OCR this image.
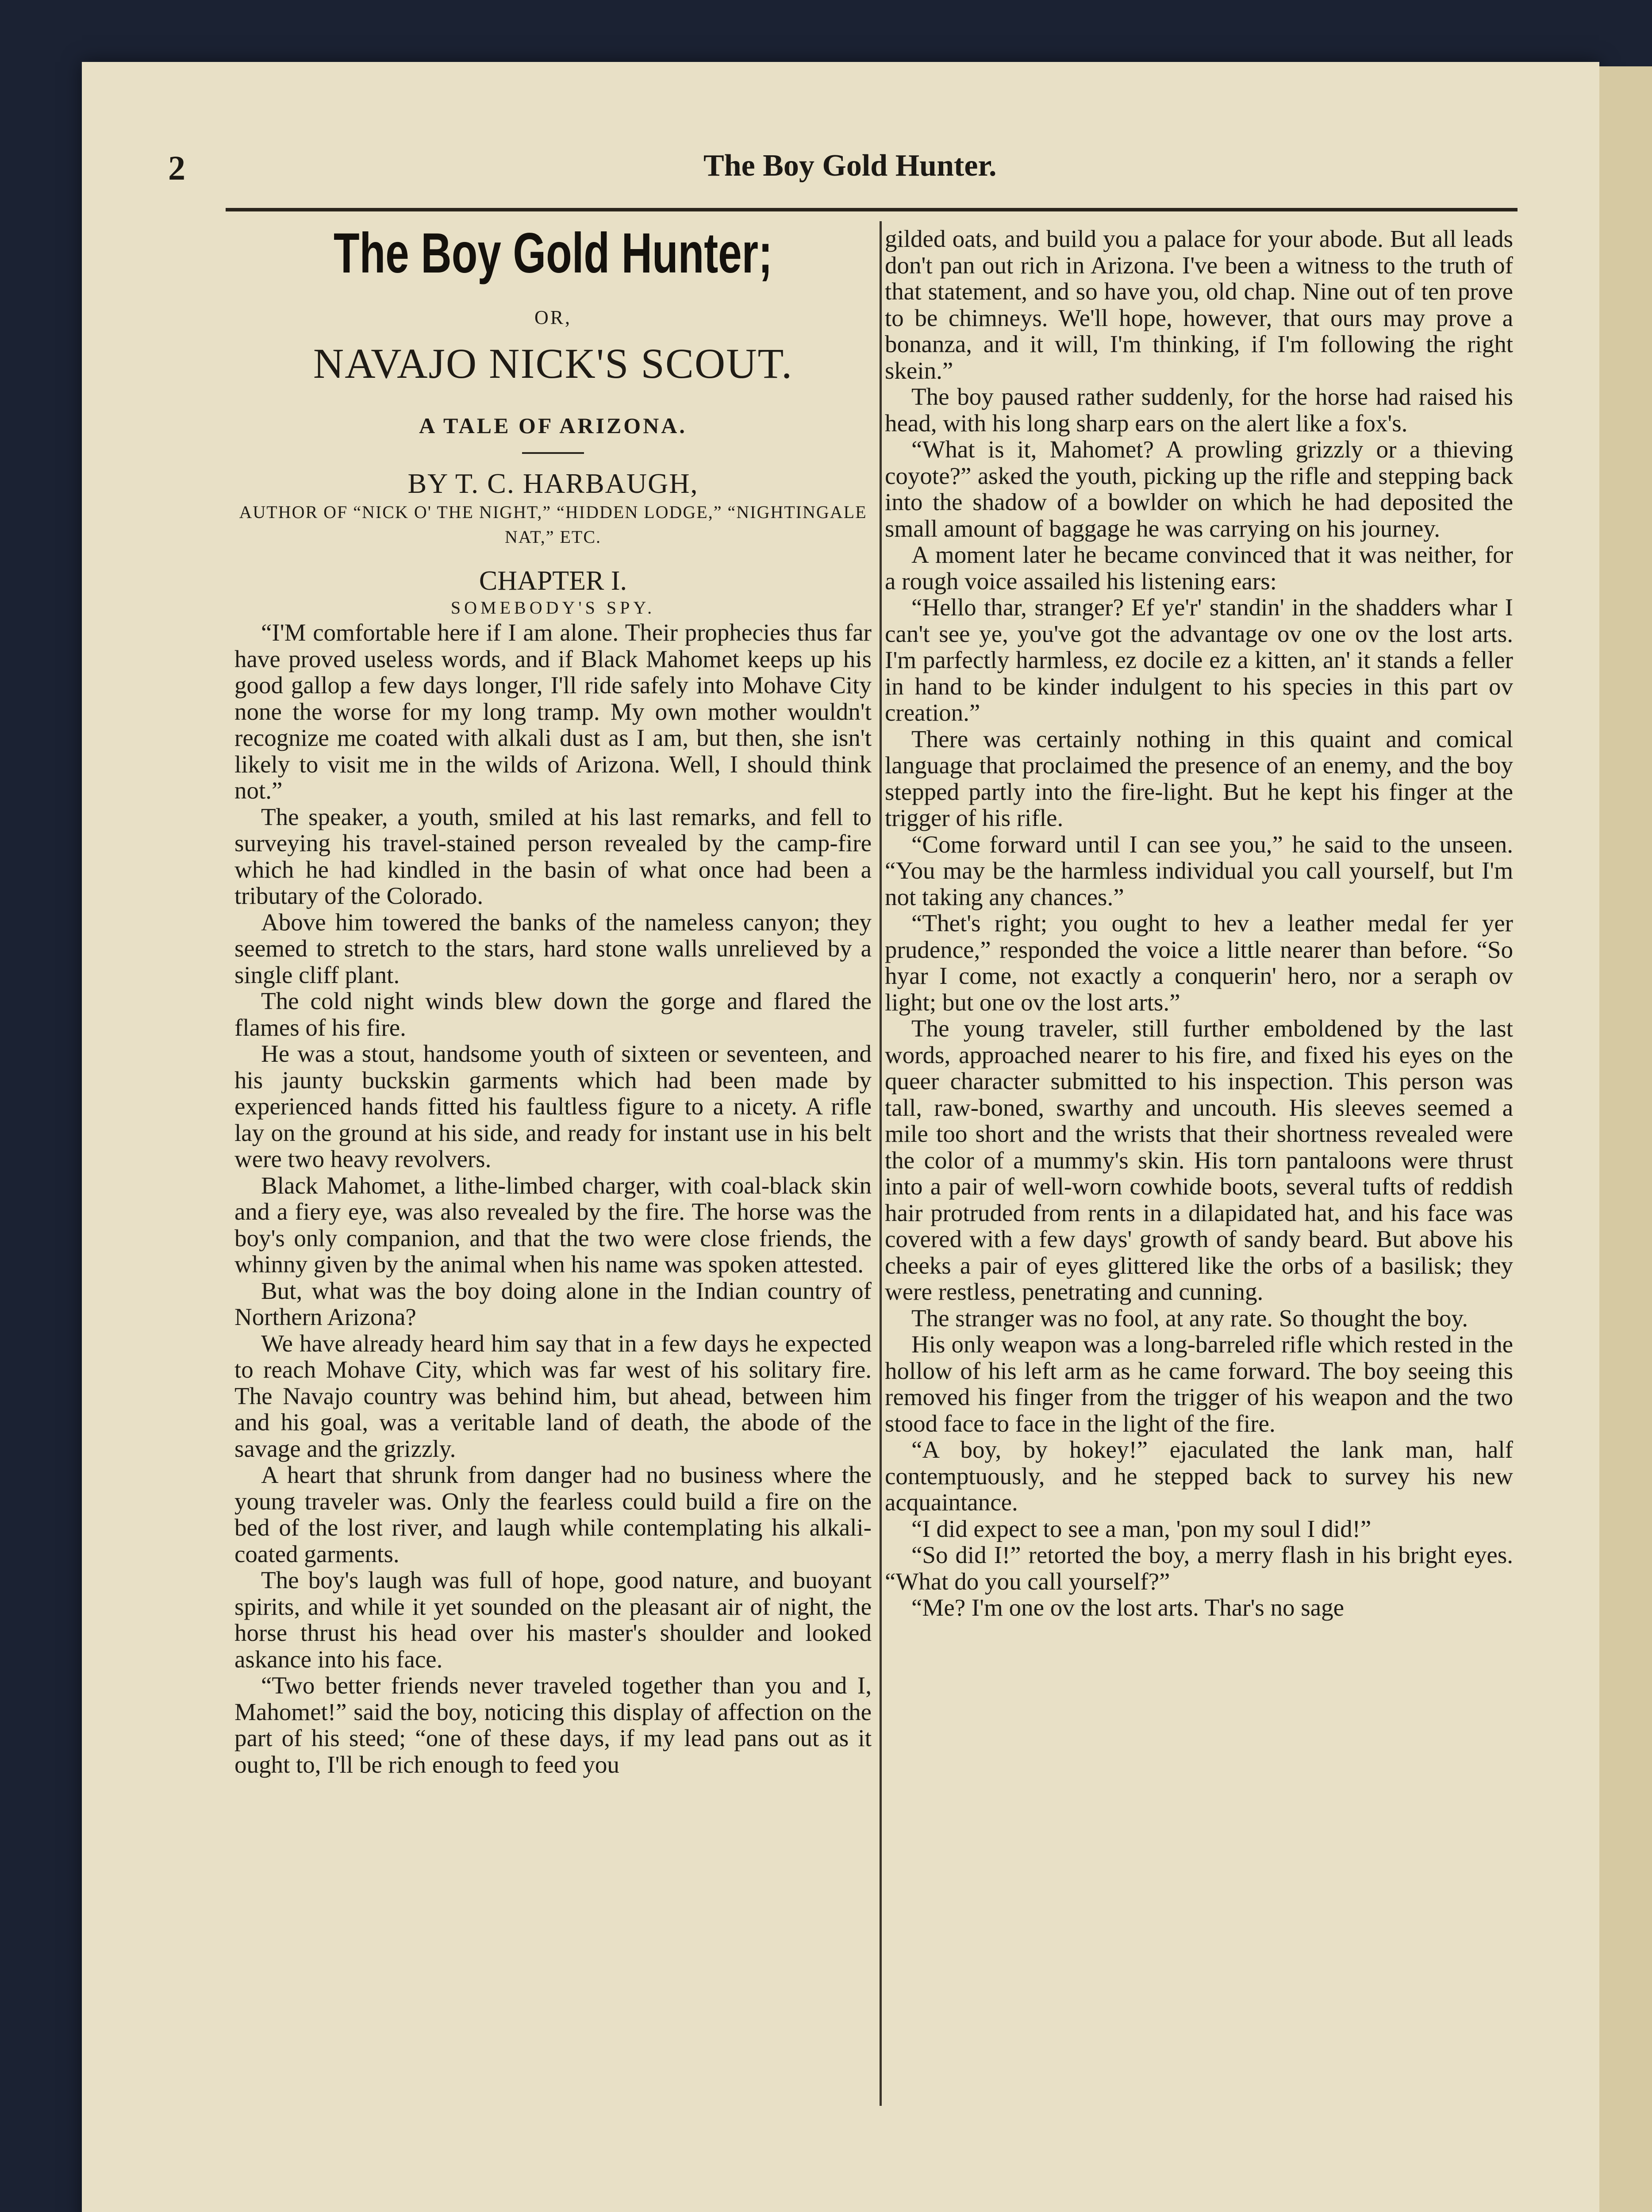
2	The Boy Gold Hunter.
The Boy Gold Hunter;
OR,
NAVAJO NICK'S SCOUT.
A TALE OF ARIZONA.
BY T. C. HARBAUGH,
AUTHOR OF “NICK O' THE NIGHT,” “HIDDEN LODGE,” “NIGHTINGALE NAT,” ETC.
CHAPTER I.
SOMEBODY'S SPY.

“I'M comfortable here if I am alone. Their prophecies thus far have proved useless words, and if Black Mahomet keeps up his good gallop a few days longer, I'll ride safely into Mohave City none the worse for my long tramp. My own mother wouldn't recognize me coated with alkali dust as I am, but then, she isn't likely to visit me in the wilds of Arizona. Well, I should think not.”

The speaker, a youth, smiled at his last remarks, and fell to surveying his travel-stained person revealed by the camp-fire which he had kindled in the basin of what once had been a tributary of the Colorado.

Above him towered the banks of the nameless canyon; they seemed to stretch to the stars, hard stone walls unrelieved by a single cliff plant.

The cold night winds blew down the gorge and flared the flames of his fire.

He was a stout, handsome youth of sixteen or seventeen, and his jaunty buckskin garments which had been made by experienced hands fitted his faultless figure to a nicety. A rifle lay on the ground at his side, and ready for instant use in his belt were two heavy revolvers.

Black Mahomet, a lithe-limbed charger, with coal-black skin and a fiery eye, was also revealed by the fire. The horse was the boy's only companion, and that the two were close friends, the whinny given by the animal when his name was spoken attested.

But, what was the boy doing alone in the Indian country of Northern Arizona?

We have already heard him say that in a few days he expected to reach Mohave City, which was far west of his solitary fire. The Navajo country was behind him, but ahead, between him and his goal, was a veritable land of death, the abode of the savage and the grizzly.

A heart that shrunk from danger had no business where the young traveler was. Only the fearless could build a fire on the bed of the lost river, and laugh while contemplating his alkali-coated garments.

The boy's laugh was full of hope, good nature, and buoyant spirits, and while it yet sounded on the pleasant air of night, the horse thrust his head over his master's shoulder and looked askance into his face.

“Two better friends never traveled together than you and I, Mahomet!” said the boy, noticing this display of affection on the part of his steed; “one of these days, if my lead pans out as it ought to, I'll be rich enough to feed you

gilded oats, and build you a palace for your abode. But all leads don't pan out rich in Arizona. I've been a witness to the truth of that statement, and so have you, old chap. Nine out of ten prove to be chimneys. We'll hope, however, that ours may prove a bonanza, and it will, I'm thinking, if I'm following the right skein.”

The boy paused rather suddenly, for the horse had raised his head, with his long sharp ears on the alert like a fox's.

“What is it, Mahomet? A prowling grizzly or a thieving coyote?” asked the youth, picking up the rifle and stepping back into the shadow of a bowlder on which he had deposited the small amount of baggage he was carrying on his journey.

A moment later he became convinced that it was neither, for a rough voice assailed his listening ears:

“Hello thar, stranger? Ef ye'r' standin' in the shadders whar I can't see ye, you've got the advantage ov one ov the lost arts. I'm parfectly harmless, ez docile ez a kitten, an' it stands a feller in hand to be kinder indulgent to his species in this part ov creation.”

There was certainly nothing in this quaint and comical language that proclaimed the presence of an enemy, and the boy stepped partly into the fire-light. But he kept his finger at the trigger of his rifle.

“Come forward until I can see you,” he said to the unseen. “You may be the harmless individual you call yourself, but I'm not taking any chances.”

“Thet's right; you ought to hev a leather medal fer yer prudence,” responded the voice a little nearer than before. “So hyar I come, not exactly a conquerin' hero, nor a seraph ov light; but one ov the lost arts.”

The young traveler, still further emboldened by the last words, approached nearer to his fire, and fixed his eyes on the queer character submitted to his inspection. This person was tall, raw-boned, swarthy and uncouth. His sleeves seemed a mile too short and the wrists that their shortness revealed were the color of a mummy's skin. His torn pantaloons were thrust into a pair of well-worn cowhide boots, several tufts of reddish hair protruded from rents in a dilapidated hat, and his face was covered with a few days' growth of sandy beard. But above his cheeks a pair of eyes glittered like the orbs of a basilisk; they were restless, penetrating and cunning.

The stranger was no fool, at any rate. So thought the boy.

His only weapon was a long-barreled rifle which rested in the hollow of his left arm as he came forward. The boy seeing this removed his finger from the trigger of his weapon and the two stood face to face in the light of the fire.

“A boy, by hokey!” ejaculated the lank man, half contemptuously, and he stepped back to survey his new acquaintance.

“I did expect to see a man, 'pon my soul I did!”

“So did I!” retorted the boy, a merry flash in his bright eyes. “What do you call yourself?”

“Me? I'm one ov the lost arts. Thar's no sage
